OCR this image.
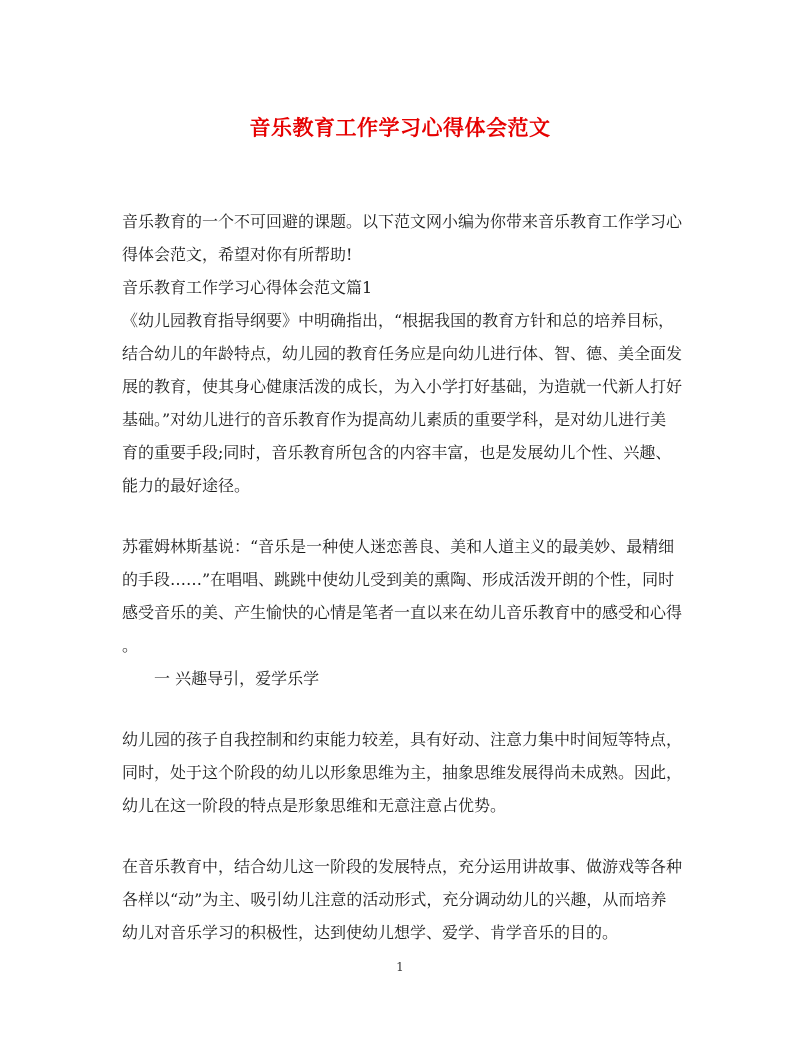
音乐教育工作学习心得体会范文
音乐教育的一个不可回避的课题。以下范文网小编为你带来音乐教育工作学习心
得体会范文，希望对你有所帮助!
音乐教育工作学习心得体会范文篇1
《幼儿园教育指导纲要》中明确指出，“根据我国的教育方针和总的培养目标，
结合幼儿的年龄特点，幼儿园的教育任务应是向幼儿进行体、智、德、美全面发
展的教育，使其身心健康活泼的成长，为入小学打好基础，为造就一代新人打好
基础。”对幼儿进行的音乐教育作为提高幼儿素质的重要学科，是对幼儿进行美
育的重要手段;同时，音乐教育所包含的内容丰富，也是发展幼儿个性、兴趣、
能力的最好途径。
苏霍姆林斯基说：“音乐是一种使人迷恋善良、美和人道主义的最美妙、最精细
的手段……”在唱唱、跳跳中使幼儿受到美的熏陶、形成活泼开朗的个性，同时
感受音乐的美、产生愉快的心情是笔者一直以来在幼儿音乐教育中的感受和心得
。
一 兴趣导引，爱学乐学
幼儿园的孩子自我控制和约束能力较差，具有好动、注意力集中时间短等特点，
同时，处于这个阶段的幼儿以形象思维为主，抽象思维发展得尚未成熟。因此，
幼儿在这一阶段的特点是形象思维和无意注意占优势。
在音乐教育中，结合幼儿这一阶段的发展特点，充分运用讲故事、做游戏等各种
各样以“动”为主、吸引幼儿注意的活动形式，充分调动幼儿的兴趣，从而培养
幼儿对音乐学习的积极性，达到使幼儿想学、爱学、肯学音乐的目的。
1
